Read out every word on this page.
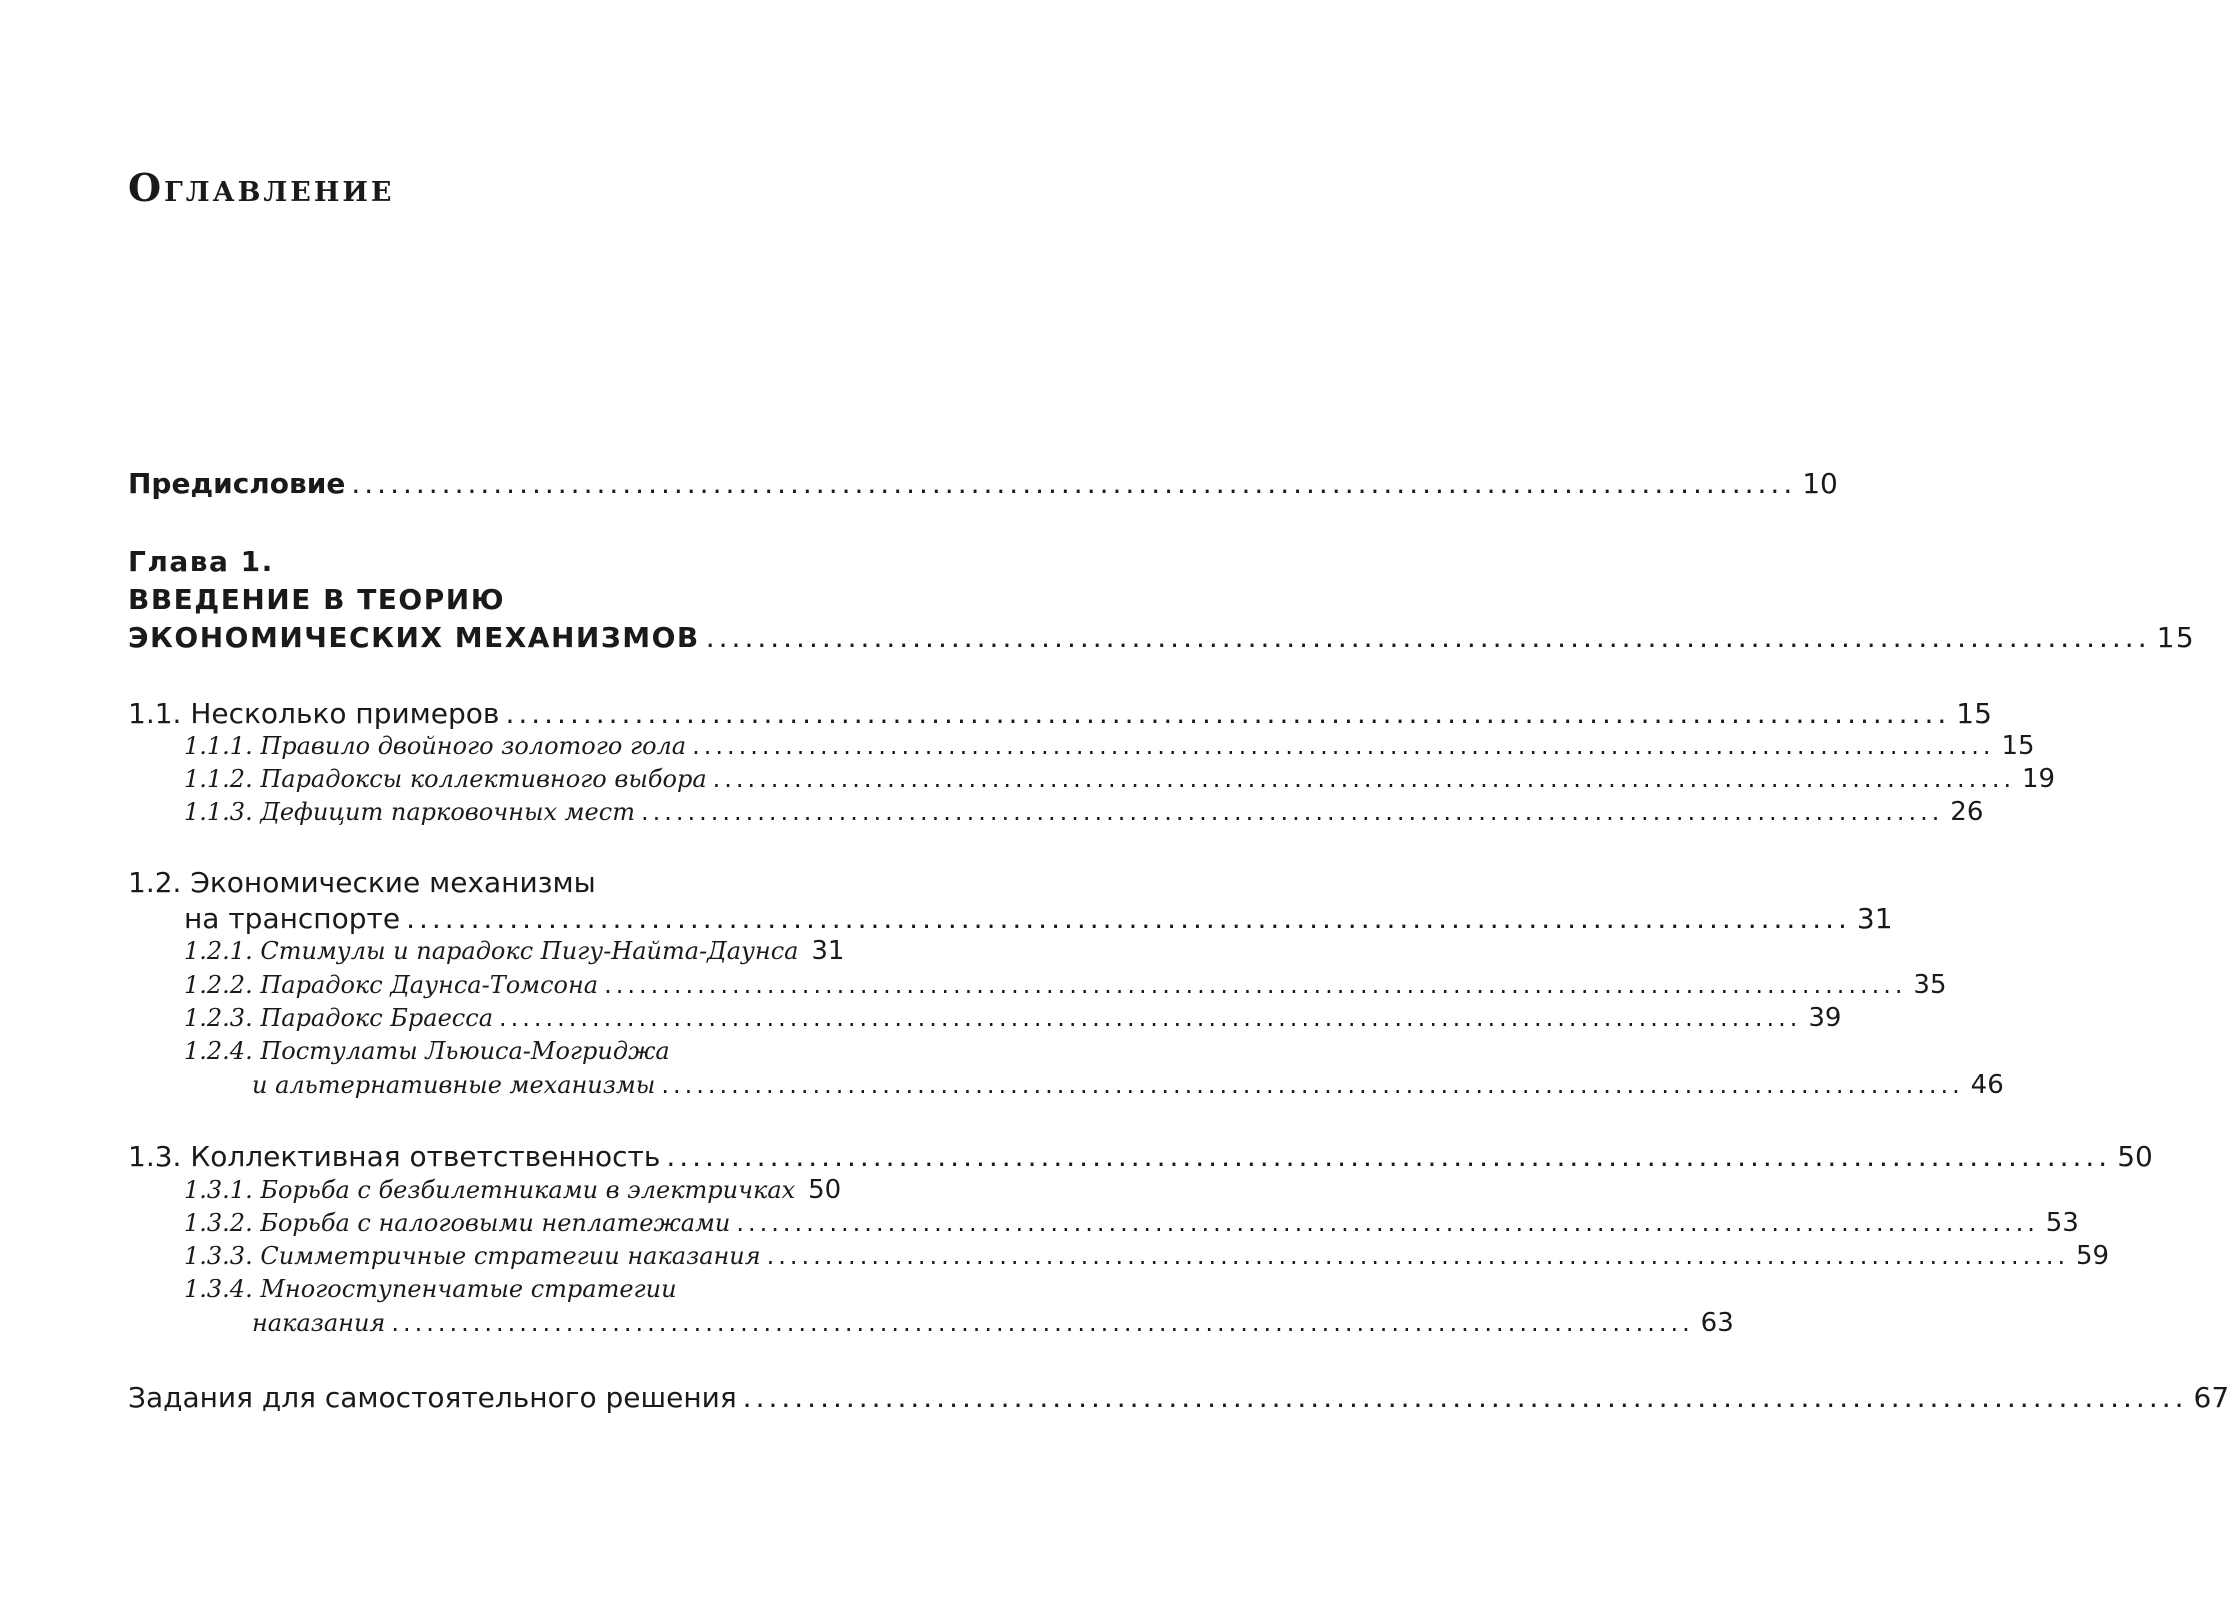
Оглавление
Предисловие ................................................................................................................ 10
Глава 1.
ВВЕДЕНИЕ В ТЕОРИЮ
ЭКОНОМИЧЕСКИХ МЕХАНИЗМОВ ................................................................................................................ 15
1.1. Несколько примеров ................................................................................................................ 15
1.1.1. Правило двойного золотого гола ................................................................................................................ 15
1.1.2. Парадоксы коллективного выбора ................................................................................................................ 19
1.1.3. Дефицит парковочных мест ................................................................................................................ 26
1.2. Экономические механизмы
на транспорте ................................................................................................................ 31
1.2.1. Стимулы и парадокс Пигу-Найта-Даунса 31
1.2.2. Парадокс Даунса-Томсона ................................................................................................................ 35
1.2.3. Парадокс Браесса ................................................................................................................ 39
1.2.4. Постулаты Льюиса-Могриджа
и альтернативные механизмы ................................................................................................................ 46
1.3. Коллективная ответственность ................................................................................................................ 50
1.3.1. Борьба с безбилетниками в электричках 50
1.3.2. Борьба с налоговыми неплатежами ................................................................................................................ 53
1.3.3. Симметричные стратегии наказания ................................................................................................................ 59
1.3.4. Многоступенчатые стратегии
наказания ................................................................................................................ 63
Задания для самостоятельного решения ................................................................................................................ 67
